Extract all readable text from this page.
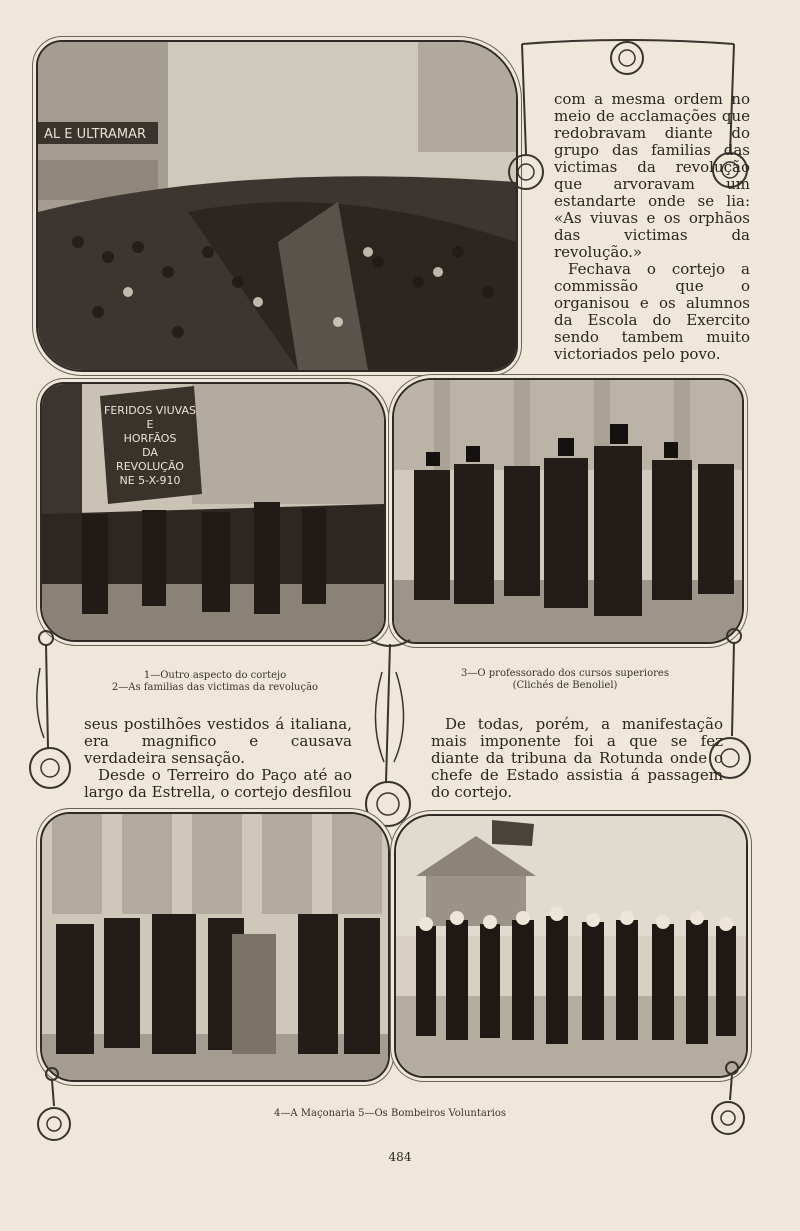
AL E ULTRAMAR

com a mesma ordem no meio de acclamações que redobravam diante do grupo das familias das victimas da revolução que arvoravam um estandarte onde se lia: «As viuvas e os orphãos das victimas da revolução.»

Fechava o cortejo a commissão que o organisou e os alumnos da Escola do Exercito sendo tambem muito victoriados pelo povo.

FERIDOS VIUVAS
E
HORFÃOS
DA
REVOLUÇÃO
NE 5-X-910
1—Outro aspecto do cortejo
2—As familias das victimas da revolução
3—O professorado dos cursos superiores
(Clichés de Benoliel)

seus postilhões vestidos á italiana, era magnifico e causava verdadeira sensação.

Desde o Terreiro do Paço até ao largo da Estrella, o cortejo desfilou

De todas, porém, a manifestação mais imponente foi a que se fez diante da tribuna da Rotunda onde o chefe de Estado assistia á passagem do cortejo.

4—A Maçonaria 5—Os Bombeiros Voluntarios
484
